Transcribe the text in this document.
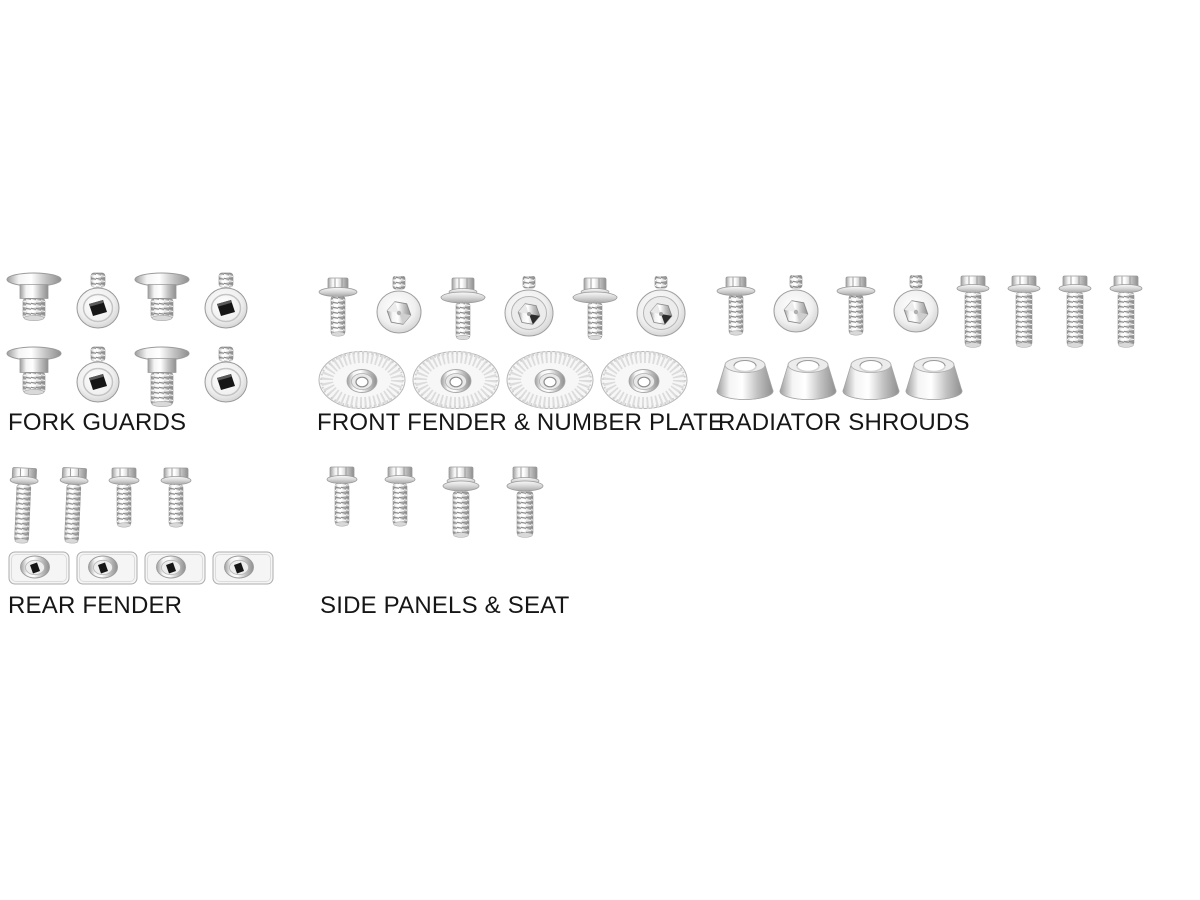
FORK GUARDS	FRONT FENDER & NUMBER PLATE
RADIATOR SHROUDS
REAR FENDER	SIDE PANELS & SEAT
